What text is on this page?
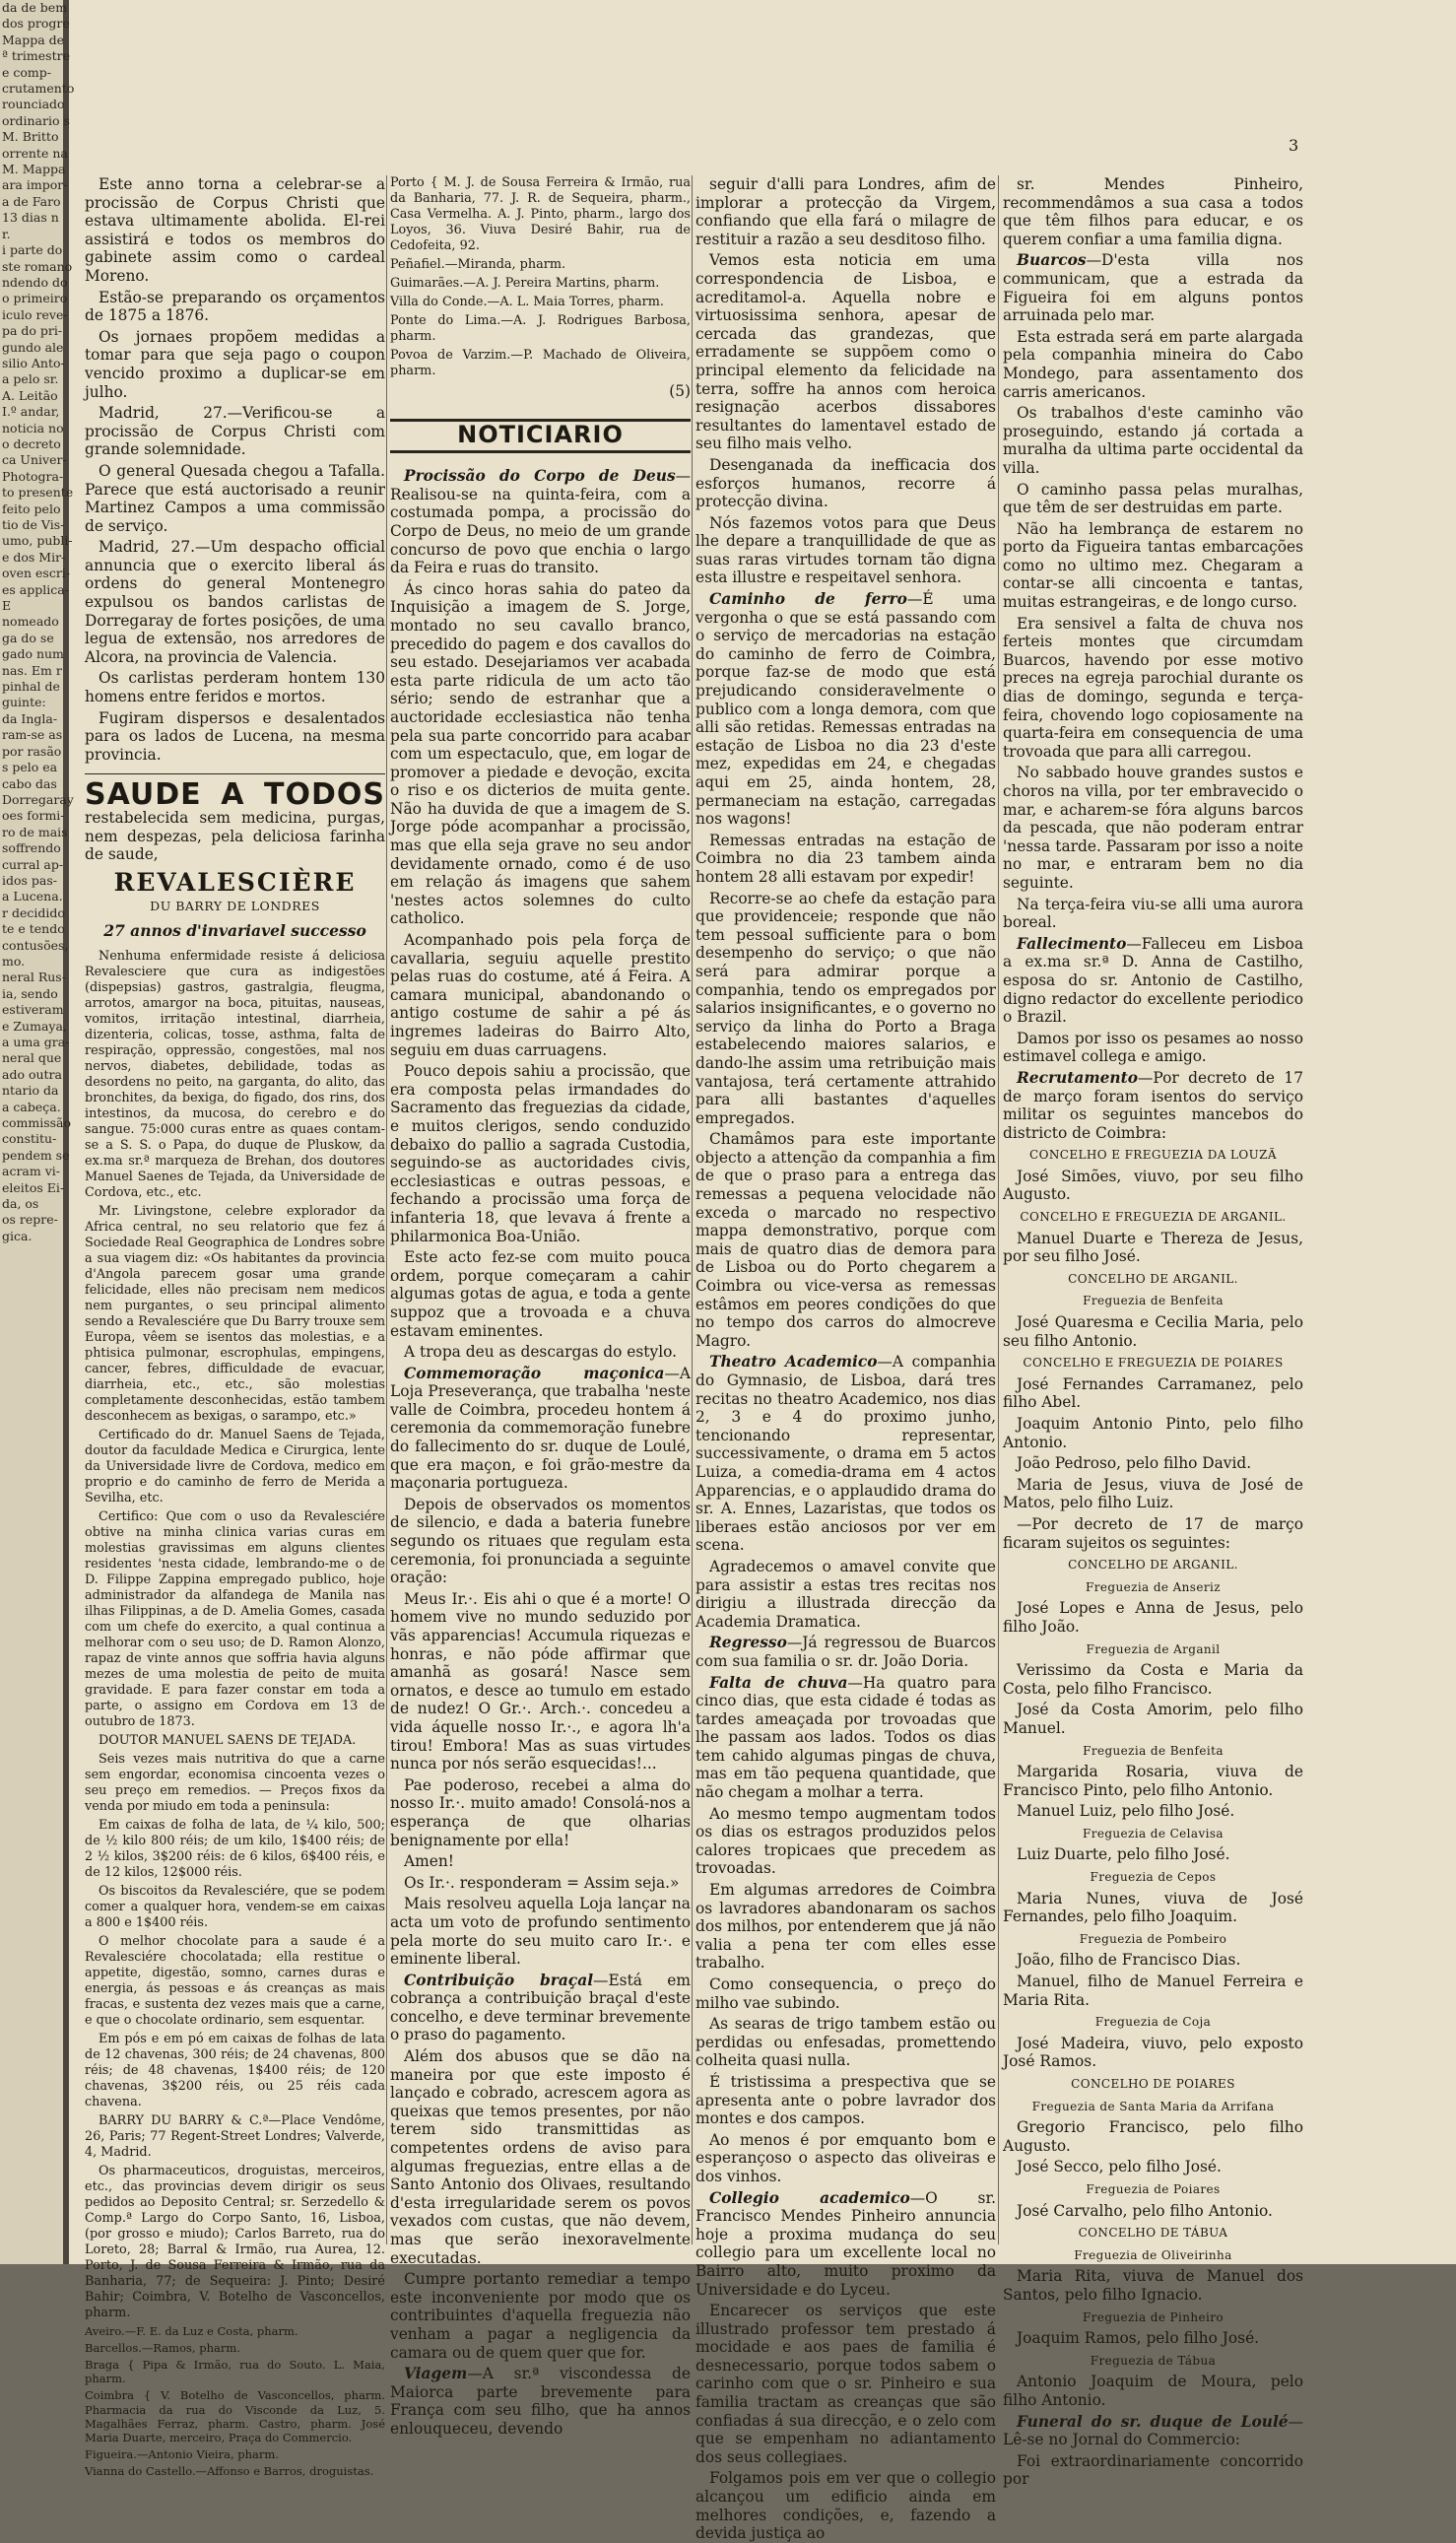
da de bem
dos progre
Mappa de
ª trimestre
e comp-
crutamento
rounciado
ordinario s
M. Britto
orrente na
M. Mappa
ara impor-
a de Faro
13 dias n
r.
i parte do
ste romano
ndendo do
o primeiro
iculo reve-
pa do pri-
gundo ale
silio Anto-
a pelo sr.
A. Leitão
I.º andar,
noticia no
o decreto
ca Univer-
Photogra-
to presente
feito pelo
tio de Vis-
umo, publi-
e dos Mir-
oven escri-
es applica-
E
nomeado
ga do se
gado num
nas. Em r
pinhal de
guinte:
da Ingla-
ram-se as
por rasão
s pelo ea
cabo das
Dorregaray
oes formi-
ro de mais
soffrendo
curral ap-
idos pas-
a Lucena.
r decidido
te e tendo
contusões,
mo.
neral Rus-
ia, sendo
estiveram
e Zumaya,
a uma gra-
neral que
ado outra
ntario da
a cabeça.
commissão
constitu-
pendem se
acram vi-
eleitos Ei-
da, os
os repre-
gica.
3

Este anno torna a celebrar-se a procissão de Corpus Christi que estava ultimamente abolida. El-rei assistirá e todos os membros do gabinete assim como o cardeal Moreno.

Estão-se preparando os orçamentos de 1875 a 1876.

Os jornaes propõem medidas a tomar para que seja pago o coupon vencido proximo a duplicar-se em julho.

Madrid, 27.—Verificou-se a procissão de Corpus Christi com grande solemnidade.

O general Quesada chegou a Tafalla. Parece que está auctorisado a reunir Martinez Campos a uma commissão de serviço.

Madrid, 27.—Um despacho official annuncia que o exercito liberal ás ordens do general Montenegro expulsou os bandos carlistas de Dorregaray de fortes posições, de uma legua de extensão, nos arredores de Alcora, na provincia de Valencia.

Os carlistas perderam hontem 130 homens entre feridos e mortos.

Fugiram dispersos e desalentados para os lados de Lucena, na mesma provincia.

SAUDE A TODOS restabelecida sem medicina, purgas, nem despezas, pela deliciosa farinha de saude,

REVALESCIÈRE

DU BARRY DE LONDRES

27 annos d'invariavel successo

Nenhuma enfermidade resiste á deliciosa Revalesciere que cura as indigestões (dispepsias) gastros, gastralgia, fleugma, arrotos, amargor na boca, pituitas, nauseas, vomitos, irritação intestinal, diarrheia, dizenteria, colicas, tosse, asthma, falta de respiração, oppressão, congestões, mal nos nervos, diabetes, debilidade, todas as desordens no peito, na garganta, do alito, das bronchites, da bexiga, do figado, dos rins, dos intestinos, da mucosa, do cerebro e do sangue. 75:000 curas entre as quaes contam-se a S. S. o Papa, do duque de Pluskow, da ex.ma sr.ª marqueza de Brehan, dos doutores Manuel Saenes de Tejada, da Universidade de Cordova, etc., etc.

Mr. Livingstone, celebre explorador da Africa central, no seu relatorio que fez á Sociedade Real Geographica de Londres sobre a sua viagem diz: «Os habitantes da provincia d'Angola parecem gosar uma grande felicidade, elles não precisam nem medicos nem purgantes, o seu principal alimento sendo a Revalesciére que Du Barry trouxe sem Europa, vêem se isentos das molestias, e a phtisica pulmonar, escrophulas, empingens, cancer, febres, difficuldade de evacuar, diarrheia, etc., etc., são molestias completamente desconhecidas, estão tambem desconhecem as bexigas, o sarampo, etc.»

Certificado do dr. Manuel Saens de Tejada, doutor da faculdade Medica e Cirurgica, lente da Universidade livre de Cordova, medico em proprio e do caminho de ferro de Merida a Sevilha, etc.

Certifico: Que com o uso da Revalesciére obtive na minha clinica varias curas em molestias gravissimas em alguns clientes residentes 'nesta cidade, lembrando-me o de D. Filippe Zappina empregado publico, hoje administrador da alfandega de Manila nas ilhas Filippinas, a de D. Amelia Gomes, casada com um chefe do exercito, a qual continua a melhorar com o seu uso; de D. Ramon Alonzo, rapaz de vinte annos que soffria havia alguns mezes de uma molestia de peito de muita gravidade. E para fazer constar em toda a parte, o assigno em Cordova em 13 de outubro de 1873.

DOUTOR MANUEL SAENS DE TEJADA.

Seis vezes mais nutritiva do que a carne sem engordar, economisa cincoenta vezes o seu preço em remedios. — Preços fixos da venda por miudo em toda a peninsula:

Em caixas de folha de lata, de ¼ kilo, 500; de ½ kilo 800 réis; de um kilo, 1$400 réis; de 2 ½ kilos, 3$200 réis: de 6 kilos, 6$400 réis, e de 12 kilos, 12$000 réis.

Os biscoitos da Revalesciére, que se podem comer a qualquer hora, vendem-se em caixas a 800 e 1$400 réis.

O melhor chocolate para a saude é a Revalesciére chocolatada; ella restitue o appetite, digestão, somno, carnes duras e energia, ás pessoas e ás creanças as mais fracas, e sustenta dez vezes mais que a carne, e que o chocolate ordinario, sem esquentar.

Em pós e em pó em caixas de folhas de lata de 12 chavenas, 300 réis; de 24 chavenas, 800 réis; de 48 chavenas, 1$400 réis; de 120 chavenas, 3$200 réis, ou 25 réis cada chavena.

BARRY DU BARRY & C.ª—Place Vendôme, 26, Paris; 77 Regent-Street Londres; Valverde, 4, Madrid.

Os pharmaceuticos, droguistas, merceiros, etc., das provincias devem dirigir os seus pedidos ao Deposito Central; sr. Serzedello & Comp.ª Largo do Corpo Santo, 16, Lisboa, (por grosso e miudo); Carlos Barreto, rua do Loreto, 28; Barral & Irmão, rua Aurea, 12. Porto, J. de Sousa Ferreira & Irmão, rua da Banharia, 77; de Sequeira: J. Pinto; Desiré Bahir; Coimbra, V. Botelho de Vasconcellos, pharm.

Aveiro.—F. E. da Luz e Costa, pharm.

Barcellos.—Ramos, pharm.

Braga { Pipa & Irmão, rua do Souto. L. Maia, pharm.

Coimbra { V. Botelho de Vasconcellos, pharm. Pharmacia da rua do Visconde da Luz, 5. Magalhães Ferraz, pharm. Castro, pharm. José Maria Duarte, merceiro, Praça do Commercio.

Figueira.—Antonio Vieira, pharm.

Vianna do Castello.—Affonso e Barros, droguistas.

Porto { M. J. de Sousa Ferreira & Irmão, rua da Banharia, 77. J. R. de Sequeira, pharm., Casa Vermelha. A. J. Pinto, pharm., largo dos Loyos, 36. Viuva Desiré Bahir, rua de Cedofeita, 92.

Peñafiel.—Miranda, pharm.

Guimarães.—A. J. Pereira Martins, pharm.

Villa do Conde.—A. L. Maia Torres, pharm.

Ponte do Lima.—A. J. Rodrigues Barbosa, pharm.

Povoa de Varzim.—P. Machado de Oliveira, pharm.

(5)

NOTICIARIO

Procissão do Corpo de Deus—Realisou-se na quinta-feira, com a costumada pompa, a procissão do Corpo de Deus, no meio de um grande concurso de povo que enchia o largo da Feira e ruas do transito.

Ás cinco horas sahia do pateo da Inquisição a imagem de S. Jorge, montado no seu cavallo branco, precedido do pagem e dos cavallos do seu estado. Desejariamos ver acabada esta parte ridicula de um acto tão sério; sendo de estranhar que a auctoridade ecclesiastica não tenha pela sua parte concorrido para acabar com um espectaculo, que, em logar de promover a piedade e devoção, excita o riso e os dicterios de muita gente. Não ha duvida de que a imagem de S. Jorge póde acompanhar a procissão, mas que ella seja grave no seu andor devidamente ornado, como é de uso em relação ás imagens que sahem 'nestes actos solemnes do culto catholico.

Acompanhado pois pela força de cavallaria, seguiu aquelle prestito pelas ruas do costume, até á Feira. A camara municipal, abandonando o antigo costume de sahir a pé ás ingremes ladeiras do Bairro Alto, seguiu em duas carruagens.

Pouco depois sahiu a procissão, que era composta pelas irmandades do Sacramento das freguezias da cidade, e muitos clerigos, sendo conduzido debaixo do pallio a sagrada Custodia, seguindo-se as auctoridades civis, ecclesiasticas e outras pessoas, e fechando a procissão uma força de infanteria 18, que levava á frente a philarmonica Boa-União.

Este acto fez-se com muito pouca ordem, porque começaram a cahir algumas gotas de agua, e toda a gente suppoz que a trovoada e a chuva estavam eminentes.

A tropa deu as descargas do estylo.

Commemoração maçonica—A Loja Preseverança, que trabalha 'neste valle de Coimbra, procedeu hontem á ceremonia da commemoração funebre do fallecimento do sr. duque de Loulé, que era maçon, e foi grão-mestre da maçonaria portugueza.

Depois de observados os momentos de silencio, e dada a bateria funebre segundo os rituaes que regulam esta ceremonia, foi pronunciada a seguinte oração:

Meus Ir.·. Eis ahi o que é a morte! O homem vive no mundo seduzido por vãs apparencias! Accumula riquezas e honras, e não póde affirmar que amanhã as gosará! Nasce sem ornatos, e desce ao tumulo em estado de nudez! O Gr.·. Arch.·. concedeu a vida áquelle nosso Ir.·., e agora lh'a tirou! Embora! Mas as suas virtudes nunca por nós serão esquecidas!...

Pae poderoso, recebei a alma do nosso Ir.·. muito amado! Consolá-nos a esperança de que olharias benignamente por ella!

Amen!

Os Ir.·. responderam = Assim seja.»

Mais resolveu aquella Loja lançar na acta um voto de profundo sentimento pela morte do seu muito caro Ir.·. e eminente liberal.

Contribuição braçal—Está em cobrança a contribuição braçal d'este concelho, e deve terminar brevemente o praso do pagamento.

Além dos abusos que se dão na maneira por que este imposto é lançado e cobrado, acrescem agora as queixas que temos presentes, por não terem sido transmittidas as competentes ordens de aviso para algumas freguezias, entre ellas a de Santo Antonio dos Olivaes, resultando d'esta irregularidade serem os povos vexados com custas, que não devem, mas que serão inexoravelmente executadas.

Cumpre portanto remediar a tempo este inconveniente por modo que os contribuintes d'aquella freguezia não venham a pagar a negligencia da camara ou de quem quer que for.

Viagem—A sr.ª viscondessa de Maiorca parte brevemente para França com seu filho, que ha annos enlouqueceu, devendo

seguir d'alli para Londres, afim de implorar a protecção da Virgem, confiando que ella fará o milagre de restituir a razão a seu desditoso filho.

Vemos esta noticia em uma correspondencia de Lisboa, e acreditamol-a. Aquella nobre e virtuosissima senhora, apesar de cercada das grandezas, que erradamente se suppõem como o principal elemento da felicidade na terra, soffre ha annos com heroica resignação acerbos dissabores resultantes do lamentavel estado de seu filho mais velho.

Desenganada da inefficacia dos esforços humanos, recorre á protecção divina.

Nós fazemos votos para que Deus lhe depare a tranquillidade de que as suas raras virtudes tornam tão digna esta illustre e respeitavel senhora.

Caminho de ferro—É uma vergonha o que se está passando com o serviço de mercadorias na estação do caminho de ferro de Coimbra, porque faz-se de modo que está prejudicando consideravelmente o publico com a longa demora, com que alli são retidas. Remessas entradas na estação de Lisboa no dia 23 d'este mez, expedidas em 24, e chegadas aqui em 25, ainda hontem, 28, permaneciam na estação, carregadas nos wagons!

Remessas entradas na estação de Coimbra no dia 23 tambem ainda hontem 28 alli estavam por expedir!

Recorre-se ao chefe da estação para que providenceie; responde que não tem pessoal sufficiente para o bom desempenho do serviço; o que não será para admirar porque a companhia, tendo os empregados por salarios insignificantes, e o governo no serviço da linha do Porto a Braga estabelecendo maiores salarios, e dando-lhe assim uma retribuição mais vantajosa, terá certamente attrahido para alli bastantes d'aquelles empregados.

Chamâmos para este importante objecto a attenção da companhia a fim de que o praso para a entrega das remessas a pequena velocidade não exceda o marcado no respectivo mappa demonstrativo, porque com mais de quatro dias de demora para de Lisboa ou do Porto chegarem a Coimbra ou vice-versa as remessas estâmos em peores condições do que no tempo dos carros do almocreve Magro.

Theatro Academico—A companhia do Gymnasio, de Lisboa, dará tres recitas no theatro Academico, nos dias 2, 3 e 4 do proximo junho, tencionando representar, successivamente, o drama em 5 actos Luiza, a comedia-drama em 4 actos Apparencias, e o applaudido drama do sr. A. Ennes, Lazaristas, que todos os liberaes estão anciosos por ver em scena.

Agradecemos o amavel convite que para assistir a estas tres recitas nos dirigiu a illustrada direcção da Academia Dramatica.

Regresso—Já regressou de Buarcos com sua familia o sr. dr. João Doria.

Falta de chuva—Ha quatro para cinco dias, que esta cidade é todas as tardes ameaçada por trovoadas que lhe passam aos lados. Todos os dias tem cahido algumas pingas de chuva, mas em tão pequena quantidade, que não chegam a molhar a terra.

Ao mesmo tempo augmentam todos os dias os estragos produzidos pelos calores tropicaes que precedem as trovoadas.

Em algumas arredores de Coimbra os lavradores abandonaram os sachos dos milhos, por entenderem que já não valia a pena ter com elles esse trabalho.

Como consequencia, o preço do milho vae subindo.

As searas de trigo tambem estão ou perdidas ou enfesadas, promettendo colheita quasi nulla.

É tristissima a prespectiva que se apresenta ante o pobre lavrador dos montes e dos campos.

Ao menos é por emquanto bom e esperançoso o aspecto das oliveiras e dos vinhos.

Collegio academico—O sr. Francisco Mendes Pinheiro annuncia hoje a proxima mudança do seu collegio para um excellente local no Bairro alto, muito proximo da Universidade e do Lyceu.

Encarecer os serviços que este illustrado professor tem prestado á mocidade e aos paes de familia é desnecessario, porque todos sabem o carinho com que o sr. Pinheiro e sua familia tractam as creanças que são confiadas á sua direcção, e o zelo com que se empenham no adiantamento dos seus collegiaes.

Folgamos pois em ver que o collegio alcançou um edificio ainda em melhores condições, e, fazendo a devida justiça ao

sr. Mendes Pinheiro, recommendâmos a sua casa a todos que têm filhos para educar, e os querem confiar a uma familia digna.

Buarcos—D'esta villa nos communicam, que a estrada da Figueira foi em alguns pontos arruinada pelo mar.

Esta estrada será em parte alargada pela companhia mineira do Cabo Mondego, para assentamento dos carris americanos.

Os trabalhos d'este caminho vão proseguindo, estando já cortada a muralha da ultima parte occidental da villa.

O caminho passa pelas muralhas, que têm de ser destruidas em parte.

Não ha lembrança de estarem no porto da Figueira tantas embarcações como no ultimo mez. Chegaram a contar-se alli cincoenta e tantas, muitas estrangeiras, e de longo curso.

Era sensivel a falta de chuva nos ferteis montes que circumdam Buarcos, havendo por esse motivo preces na egreja parochial durante os dias de domingo, segunda e terça-feira, chovendo logo copiosamente na quarta-feira em consequencia de uma trovoada que para alli carregou.

No sabbado houve grandes sustos e choros na villa, por ter embravecido o mar, e acharem-se fóra alguns barcos da pescada, que não poderam entrar 'nessa tarde. Passaram por isso a noite no mar, e entraram bem no dia seguinte.

Na terça-feira viu-se alli uma aurora boreal.

Fallecimento—Falleceu em Lisboa a ex.ma sr.ª D. Anna de Castilho, esposa do sr. Antonio de Castilho, digno redactor do excellente periodico o Brazil.

Damos por isso os pesames ao nosso estimavel collega e amigo.

Recrutamento—Por decreto de 17 de março foram isentos do serviço militar os seguintes mancebos do districto de Coimbra:

CONCELHO E FREGUEZIA DA LOUZÃ

José Simões, viuvo, por seu filho Augusto.

CONCELHO E FREGUEZIA DE ARGANIL.

Manuel Duarte e Thereza de Jesus, por seu filho José.

CONCELHO DE ARGANIL.

Freguezia de Benfeita

José Quaresma e Cecilia Maria, pelo seu filho Antonio.

CONCELHO E FREGUEZIA DE POIARES

José Fernandes Carramanez, pelo filho Abel.

Joaquim Antonio Pinto, pelo filho Antonio.

João Pedroso, pelo filho David.

Maria de Jesus, viuva de José de Matos, pelo filho Luiz.

—Por decreto de 17 de março ficaram sujeitos os seguintes:

CONCELHO DE ARGANIL.

Freguezia de Anseriz

José Lopes e Anna de Jesus, pelo filho João.

Freguezia de Arganil

Verissimo da Costa e Maria da Costa, pelo filho Francisco.

José da Costa Amorim, pelo filho Manuel.

Freguezia de Benfeita

Margarida Rosaria, viuva de Francisco Pinto, pelo filho Antonio.

Manuel Luiz, pelo filho José.

Freguezia de Celavisa

Luiz Duarte, pelo filho José.

Freguezia de Cepos

Maria Nunes, viuva de José Fernandes, pelo filho Joaquim.

Freguezia de Pombeiro

João, filho de Francisco Dias.

Manuel, filho de Manuel Ferreira e Maria Rita.

Freguezia de Coja

José Madeira, viuvo, pelo exposto José Ramos.

CONCELHO DE POIARES

Freguezia de Santa Maria da Arrifana

Gregorio Francisco, pelo filho Augusto.

José Secco, pelo filho José.

Freguezia de Poiares

José Carvalho, pelo filho Antonio.

CONCELHO DE TÁBUA

Freguezia de Oliveirinha

Maria Rita, viuva de Manuel dos Santos, pelo filho Ignacio.

Freguezia de Pinheiro

Joaquim Ramos, pelo filho José.

Freguezia de Tábua

Antonio Joaquim de Moura, pelo filho Antonio.

Funeral do sr. duque de Loulé—Lê-se no Jornal do Commercio:

Foi extraordinariamente concorrido por
